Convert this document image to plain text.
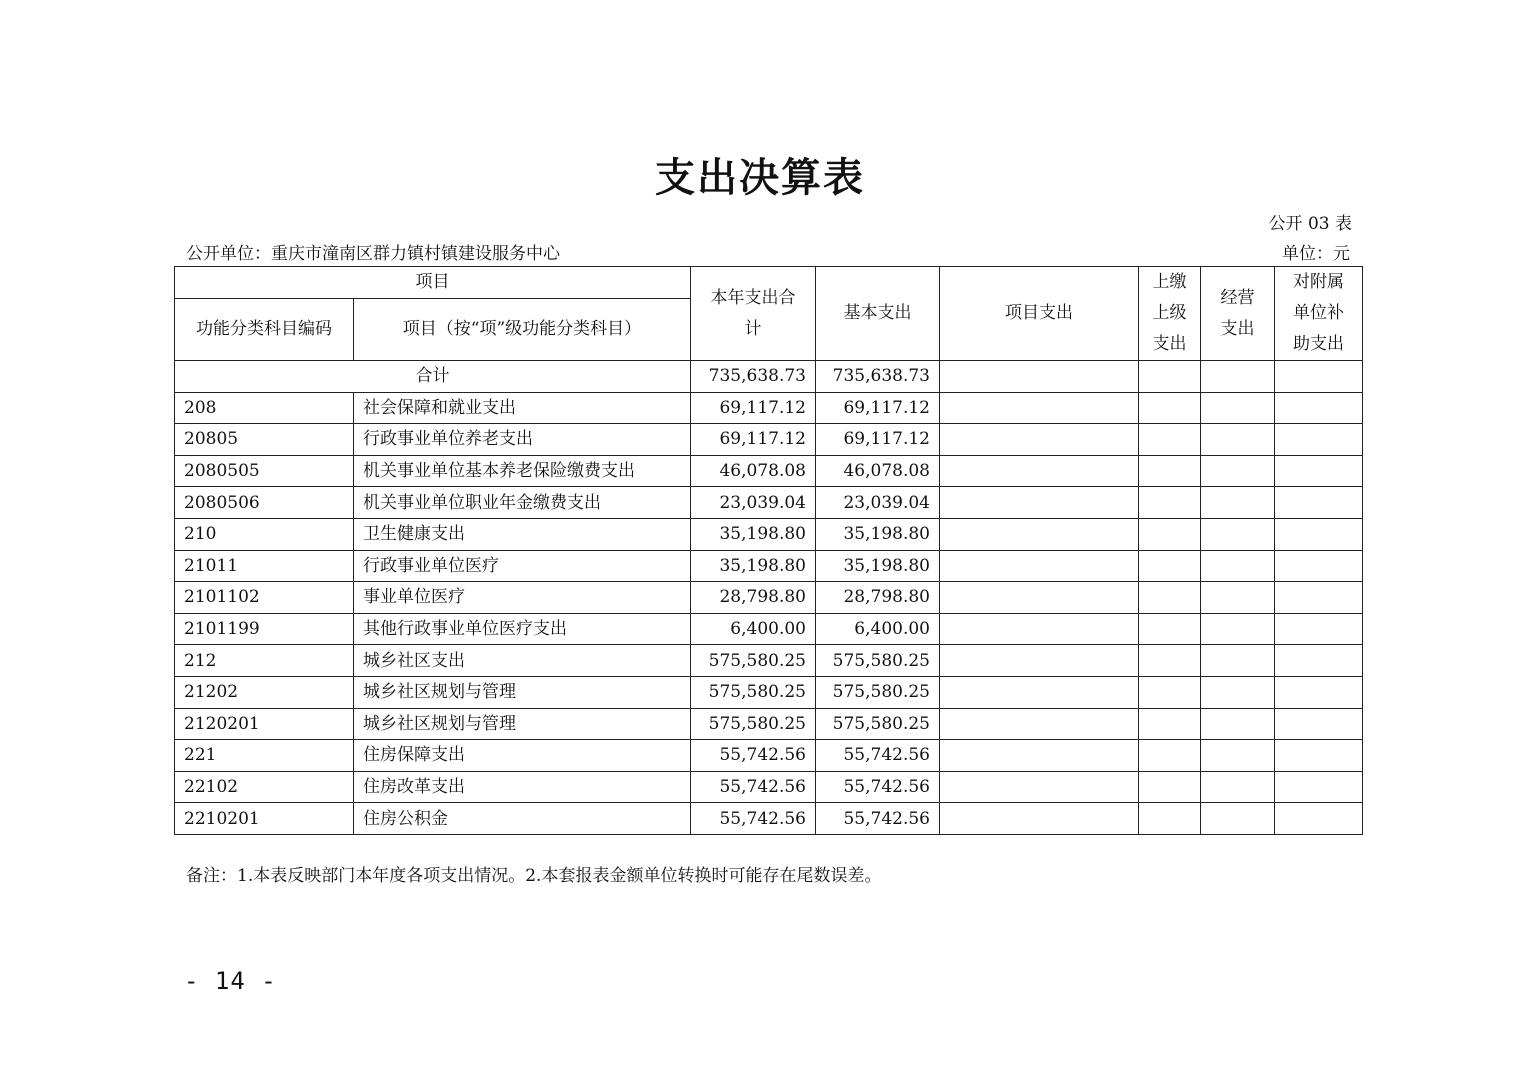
支出决算表
公开 03 表
公开单位：重庆市潼南区群力镇村镇建设服务中心	单位：元
项目		本年支出合计	基本支出	项目支出	上缴上级支出	经营支出	对附属单位补助支出
功能分类科目编码	项目（按“项”级功能分类科目）						
合计		735,638.73	735,638.73				
208	社会保障和就业支出	69,117.12	69,117.12				
20805	行政事业单位养老支出	69,117.12	69,117.12				
2080505	机关事业单位基本养老保险缴费支出	46,078.08	46,078.08				
2080506	机关事业单位职业年金缴费支出	23,039.04	23,039.04				
210	卫生健康支出	35,198.80	35,198.80				
21011	行政事业单位医疗	35,198.80	35,198.80				
2101102	事业单位医疗	28,798.80	28,798.80				
2101199	其他行政事业单位医疗支出	6,400.00	6,400.00				
212	城乡社区支出	575,580.25	575,580.25				
21202	城乡社区规划与管理	575,580.25	575,580.25				
2120201	城乡社区规划与管理	575,580.25	575,580.25				
221	住房保障支出	55,742.56	55,742.56				
22102	住房改革支出	55,742.56	55,742.56				
2210201	住房公积金	55,742.56	55,742.56				
备注：1.本表反映部门本年度各项支出情况。2.本套报表金额单位转换时可能存在尾数误差。
- 14 -
